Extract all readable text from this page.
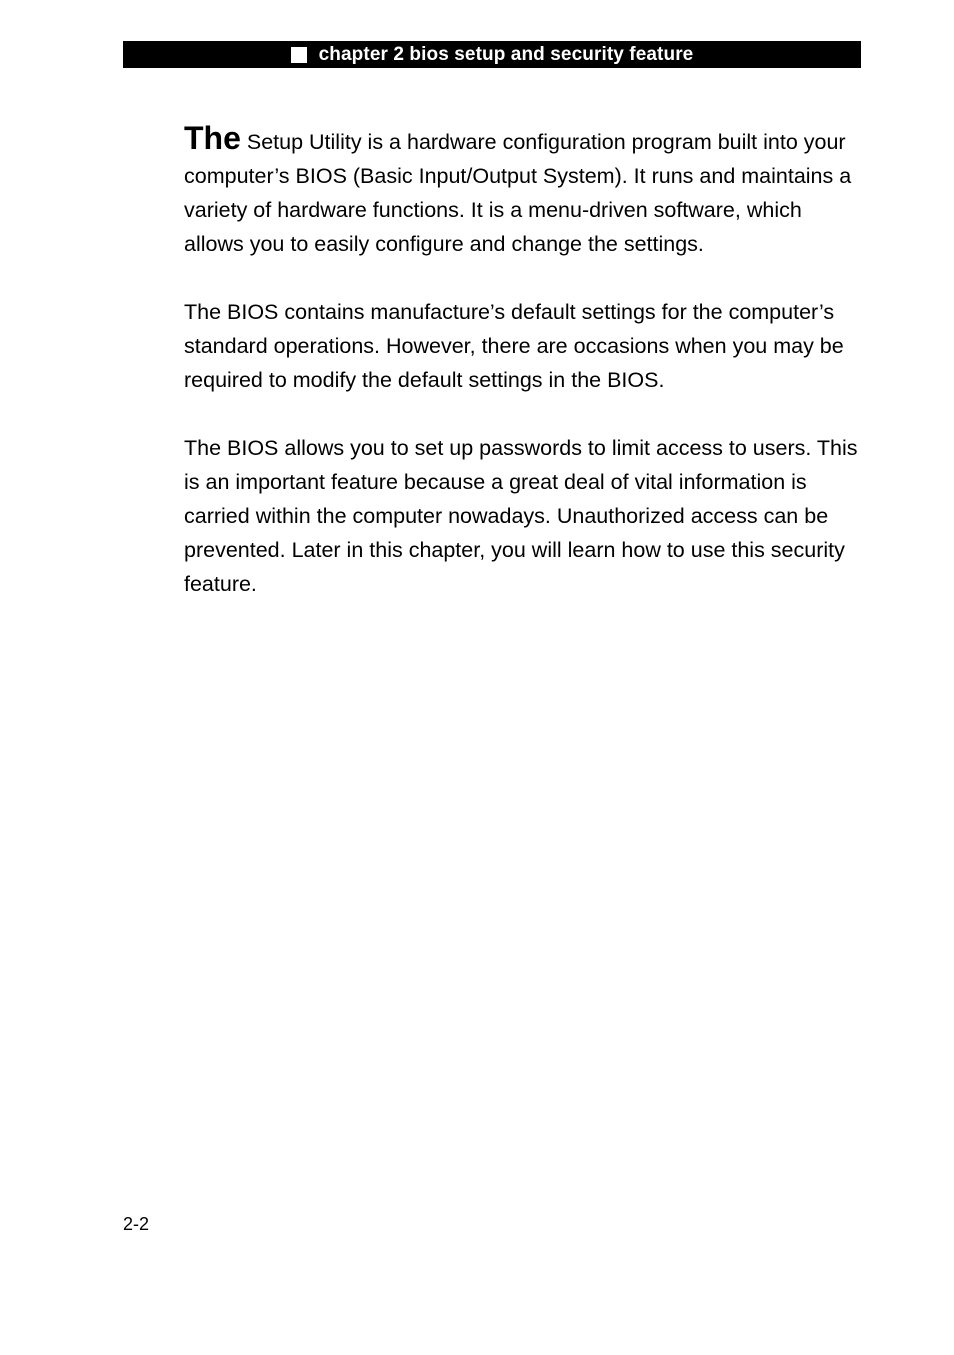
chapter 2 bios setup and security feature

The Setup Utility is a hardware configuration program built into your computer’s BIOS (Basic Input/Output System). It runs and maintains a variety of hardware functions. It is a menu-driven software, which allows you to easily configure and change the settings.

The BIOS contains manufacture’s default settings for the computer’s standard operations. However, there are occasions when you may be required to modify the default settings in the BIOS.

The BIOS allows you to set up passwords to limit access to users. This is an important feature because a great deal of vital information is carried within the computer nowadays. Unauthorized access can be prevented. Later in this chapter, you will learn how to use this security feature.

2-2
